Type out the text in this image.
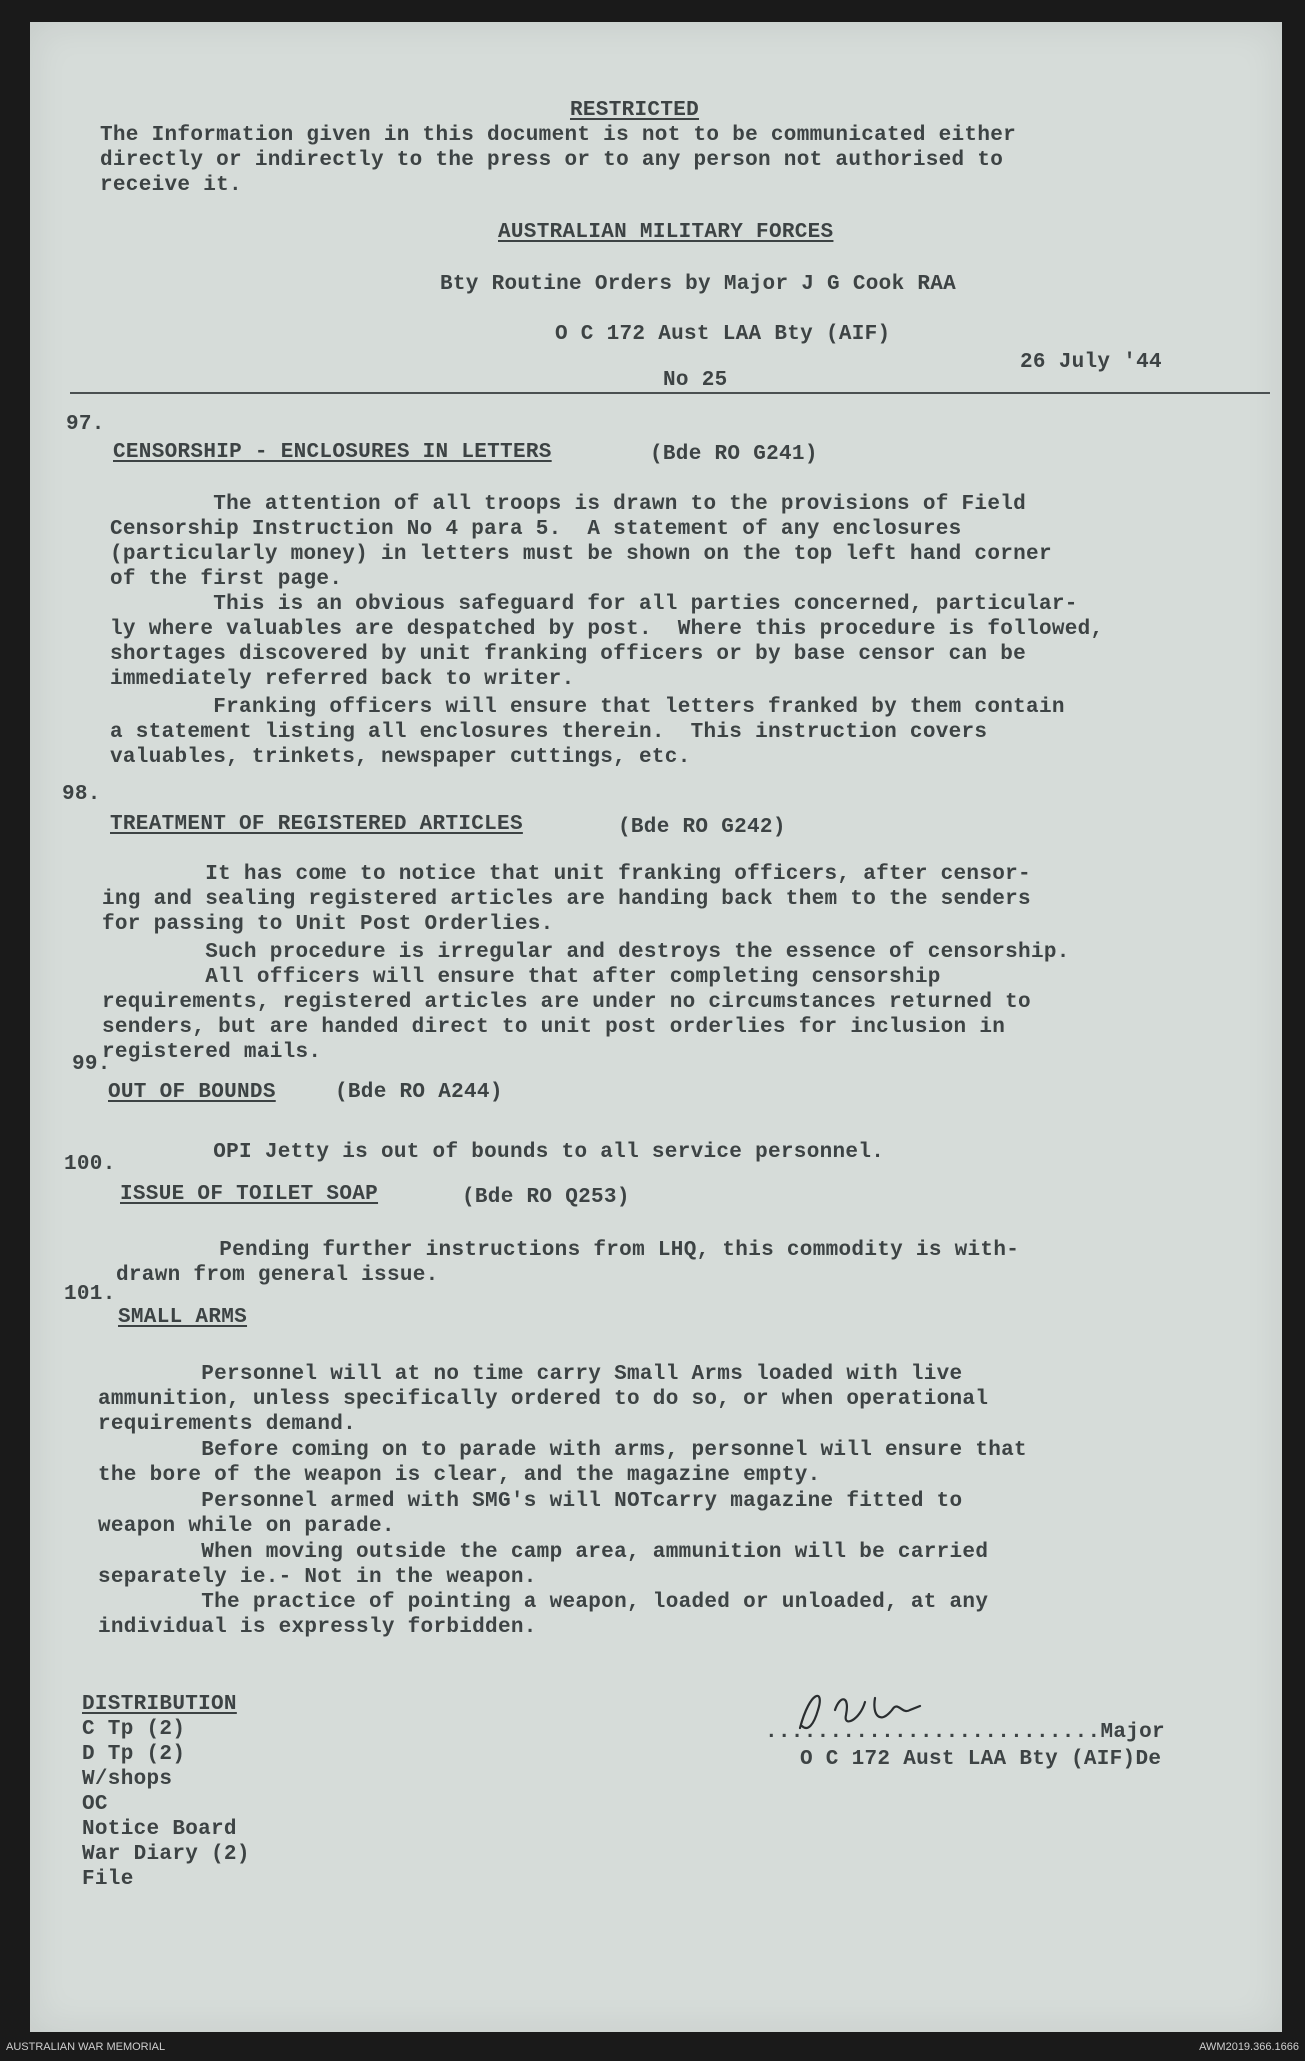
RESTRICTED
The Information given in this document is not to be communicated either
directly or indirectly to the press or to any person not authorised to
receive it.
AUSTRALIAN MILITARY FORCES
Bty Routine Orders by Major J G Cook RAA
O C 172 Aust LAA Bty (AIF)
26 July '44
No 25
97.
CENSORSHIP - ENCLOSURES IN LETTERS	(Bde RO G241)
The attention of all troops is drawn to the provisions of Field
Censorship Instruction No 4 para 5.  A statement of any enclosures
(particularly money) in letters must be shown on the top left hand corner
of the first page.
This is an obvious safeguard for all parties concerned, particular-
ly where valuables are despatched by post.  Where this procedure is followed,
shortages discovered by unit franking officers or by base censor can be
immediately referred back to writer.
Franking officers will ensure that letters franked by them contain
a statement listing all enclosures therein.  This instruction covers
valuables, trinkets, newspaper cuttings, etc.
98.
TREATMENT OF REGISTERED ARTICLES	(Bde RO G242)
It has come to notice that unit franking officers, after censor-
ing and sealing registered articles are handing back them to the senders
for passing to Unit Post Orderlies.
Such procedure is irregular and destroys the essence of censorship.
All officers will ensure that after completing censorship
requirements, registered articles are under no circumstances returned to
senders, but are handed direct to unit post orderlies for inclusion in
registered mails.
99.
OUT OF BOUNDS	(Bde RO A244)
OPI Jetty is out of bounds to all service personnel.
100.
ISSUE OF TOILET SOAP	(Bde RO Q253)
Pending further instructions from LHQ, this commodity is with-
drawn from general issue.
101.
SMALL ARMS
Personnel will at no time carry Small Arms loaded with live
ammunition, unless specifically ordered to do so, or when operational
requirements demand.
Before coming on to parade with arms, personnel will ensure that
the bore of the weapon is clear, and the magazine empty.
Personnel armed with SMG's will NOTcarry magazine fitted to
weapon while on parade.
When moving outside the camp area, ammunition will be carried
separately ie.- Not in the weapon.
The practice of pointing a weapon, loaded or unloaded, at any
individual is expressly forbidden.
DISTRIBUTION
C Tp (2)
D Tp (2)
W/shops
OC
Notice Board
War Diary (2)
File
..........................Major
O C 172 Aust LAA Bty (AIF)De
AUSTRALIAN WAR MEMORIAL	AWM2019.366.1666
